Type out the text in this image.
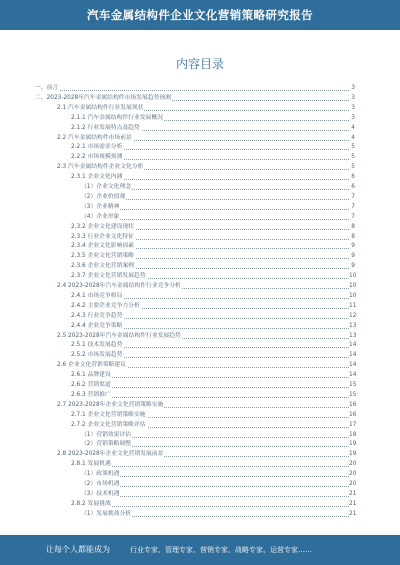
汽车金属结构件企业文化营销策略研究报告
内容目录
一、前言	3
二、2023-2028年汽车金属结构件市场发展趋势预测	3
2.1 汽车金属结构件行业发展现状	3
2.1.1 汽车金属结构件行业发展概况	3
2.1.2 行业发展特点及趋势	4
2.2 汽车金属结构件市场前景	4
2.2.1 市场需求分析	5
2.2.2 市场规模预测	5
2.3 汽车金属结构件企业文化分析	5
2.3.1 企业文化内涵	6
（1）企业文化理念	6
（2）企业价值观	7
（3）企业精神	7
（4）企业形象	7
2.3.2 企业文化建设现状	8
2.3.3 行业企业文化特征	8
2.3.4 企业文化影响因素	9
2.3.5 企业文化营销策略	9
2.3.6 企业文化营销案例	9
2.3.7 企业文化营销发展趋势	10
2.4 2023-2028年汽车金属结构件行业竞争分析	10
2.4.1 市场竞争格局	10
2.4.2 主要企业竞争力分析	11
2.4.3 行业竞争趋势	12
2.4.4 企业竞争策略	13
2.5 2023-2028年汽车金属结构件行业发展趋势	13
2.5.1 技术发展趋势	14
2.5.2 市场发展趋势	14
2.6 企业文化营销策略建议	14
2.6.1 品牌建设	14
2.6.2 营销渠道	15
2.6.3 营销推广	15
2.7 2023-2028年企业文化营销策略实施	16
2.7.1 企业文化营销策略实施	16
2.7.2 企业文化营销策略评估	17
（1）营销效果评估	18
（2）营销策略调整	19
2.8 2023-2028年企业文化营销发展前景	19
2.8.1 发展机遇	20
（1）政策机遇	20
（2）市场机遇	20
（3）技术机遇	21
2.8.2 发展挑战	21
（1）发展挑战分析	21
让每个人都能成为	行业专家、管理专家、营销专家、战略专家、运营专家……
